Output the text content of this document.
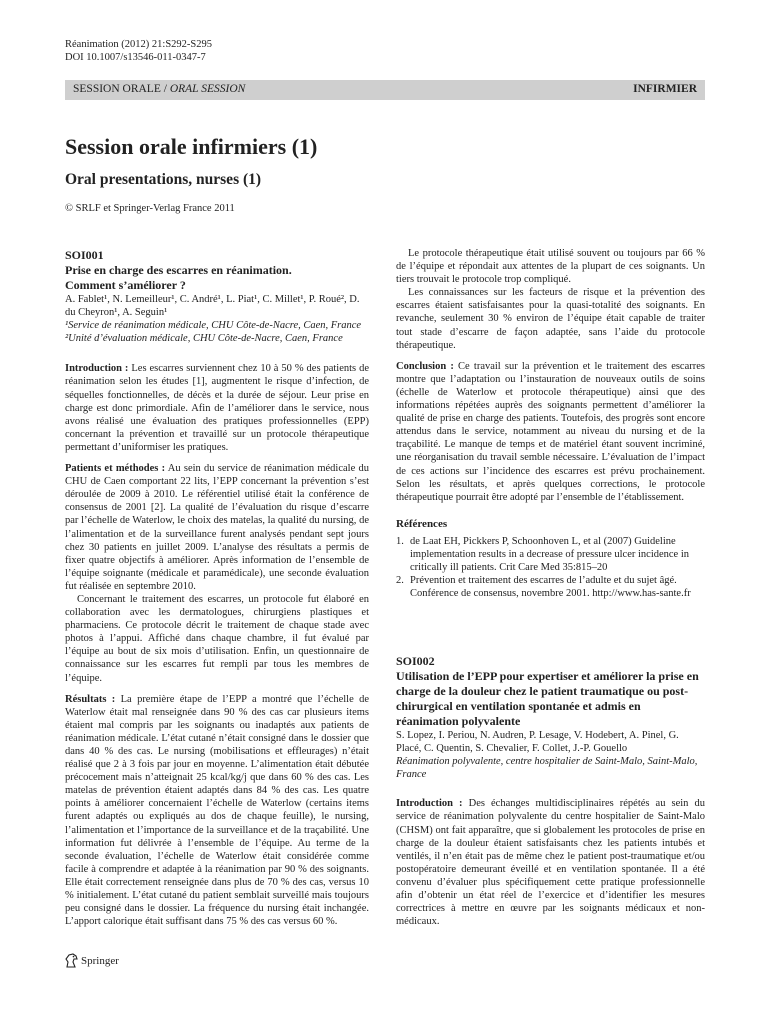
Réanimation (2012) 21:S292-S295
DOI 10.1007/s13546-011-0347-7
SESSION ORALE / ORAL SESSION	INFIRMIER
Session orale infirmiers (1)
Oral presentations, nurses (1)
© SRLF et Springer-Verlag France 2011
SOI001
Prise en charge des escarres en réanimation.
Comment s’améliorer ?

A. Fablet¹, N. Lemeilleur¹, C. André¹, L. Piat¹, C. Millet¹, P. Roué², D. du Cheyron¹, A. Seguin¹

¹Service de réanimation médicale, CHU Côte-de-Nacre, Caen, France

²Unité d’évaluation médicale, CHU Côte-de-Nacre, Caen, France

Introduction : Les escarres surviennent chez 10 à 50 % des patients de réanimation selon les études [1], augmentent le risque d’infection, de séquelles fonctionnelles, de décès et la durée de séjour. Leur prise en charge est donc primordiale. Afin de l’améliorer dans le service, nous avons réalisé une évaluation des pratiques professionnelles (EPP) concernant la prévention et travaillé sur un protocole thérapeutique permettant d’uniformiser les pratiques.

Patients et méthodes : Au sein du service de réanimation médicale du CHU de Caen comportant 22 lits, l’EPP concernant la prévention s’est déroulée de 2009 à 2010. Le référentiel utilisé était la conférence de consensus de 2001 [2]. La qualité de l’évaluation du risque d’escarre par l’échelle de Waterlow, le choix des matelas, la qualité du nursing, de l’alimentation et de la surveillance furent analysés pendant sept jours chez 30 patients en juillet 2009. L’analyse des résultats a permis de fixer quatre objectifs à améliorer. Après information de l’ensemble de l’équipe soignante (médicale et paramédicale), une seconde évaluation fut réalisée en septembre 2010.

Concernant le traitement des escarres, un protocole fut élaboré en collaboration avec les dermatologues, chirurgiens plastiques et pharmaciens. Ce protocole décrit le traitement de chaque stade avec photos à l’appui. Affiché dans chaque chambre, il fut évalué par l’équipe au bout de six mois d’utilisation. Enfin, un questionnaire de connaissance sur les escarres fut rempli par tous les membres de l’équipe.

Résultats : La première étape de l’EPP a montré que l’échelle de Waterlow était mal renseignée dans 90 % des cas car plusieurs items étaient mal compris par les soignants ou inadaptés aux patients de réanimation médicale. L’état cutané n’était consigné dans le dossier que dans 40 % des cas. Le nursing (mobilisations et effleurages) n’était réalisé que 2 à 3 fois par jour en moyenne. L’alimentation était débutée précocement mais n’atteignait 25 kcal/kg/j que dans 60 % des cas. Les matelas de prévention étaient adaptés dans 84 % des cas. Les quatre points à améliorer concernaient l’échelle de Waterlow (certains items furent adaptés ou expliqués au dos de chaque feuille), le nursing, l’alimentation et l’importance de la surveillance et de la traçabilité. Une information fut délivrée à l’ensemble de l’équipe. Au terme de la seconde évaluation, l’échelle de Waterlow était considérée comme facile à comprendre et adaptée à la réanimation par 90 % des soignants. Elle était correctement renseignée dans plus de 70 % des cas, versus 10 % initialement. L’état cutané du patient semblait surveillé mais toujours peu consigné dans le dossier. La fréquence du nursing était inchangée. L’apport calorique était suffisant dans 75 % des cas versus 60 %.

Le protocole thérapeutique était utilisé souvent ou toujours par 66 % de l’équipe et répondait aux attentes de la plupart de ces soignants. Un tiers trouvait le protocole trop compliqué.

Les connaissances sur les facteurs de risque et la prévention des escarres étaient satisfaisantes pour la quasi-totalité des soignants. En revanche, seulement 30 % environ de l’équipe était capable de traiter tout stade d’escarre de façon adaptée, sans l’aide du protocole thérapeutique.

Conclusion : Ce travail sur la prévention et le traitement des escarres montre que l’adaptation ou l’instauration de nouveaux outils de soins (échelle de Waterlow et protocole thérapeutique) ainsi que des informations répétées auprès des soignants permettent d’améliorer la qualité de prise en charge des patients. Toutefois, des progrès sont encore attendus dans le service, notamment au niveau du nursing et de la traçabilité. Le manque de temps et de matériel étant souvent incriminé, une réorganisation du travail semble nécessaire. L’évaluation de l’impact de ces actions sur l’incidence des escarres est prévu prochainement. Selon les résultats, et après quelques corrections, le protocole thérapeutique pourrait être adopté par l’ensemble de l’établissement.

Références
1. de Laat EH, Pickkers P, Schoonhoven L, et al (2007) Guideline implementation results in a decrease of pressure ulcer incidence in critically ill patients. Crit Care Med 35:815–20
2. Prévention et traitement des escarres de l’adulte et du sujet âgé. Conférence de consensus, novembre 2001. http://www.has-sante.fr
SOI002
Utilisation de l’EPP pour expertiser et améliorer la prise en charge de la douleur chez le patient traumatique ou post-chirurgical en ventilation spontanée et admis en réanimation polyvalente

S. Lopez, I. Periou, N. Audren, P. Lesage, V. Hodebert, A. Pinel, G. Placé, C. Quentin, S. Chevalier, F. Collet, J.-P. Gouello

Réanimation polyvalente, centre hospitalier de Saint-Malo, Saint-Malo, France

Introduction : Des échanges multidisciplinaires répétés au sein du service de réanimation polyvalente du centre hospitalier de Saint-Malo (CHSM) ont fait apparaître, que si globalement les protocoles de prise en charge de la douleur étaient satisfaisants chez les patients intubés et ventilés, il n’en était pas de même chez le patient post-traumatique et/ou postopératoire demeurant éveillé et en ventilation spontanée. Il a été convenu d’évaluer plus spécifiquement cette pratique professionnelle afin d’obtenir un état réel de l’exercice et d’identifier les mesures correctrices à mettre en œuvre par les soignants médicaux et non-médicaux.

Springer
